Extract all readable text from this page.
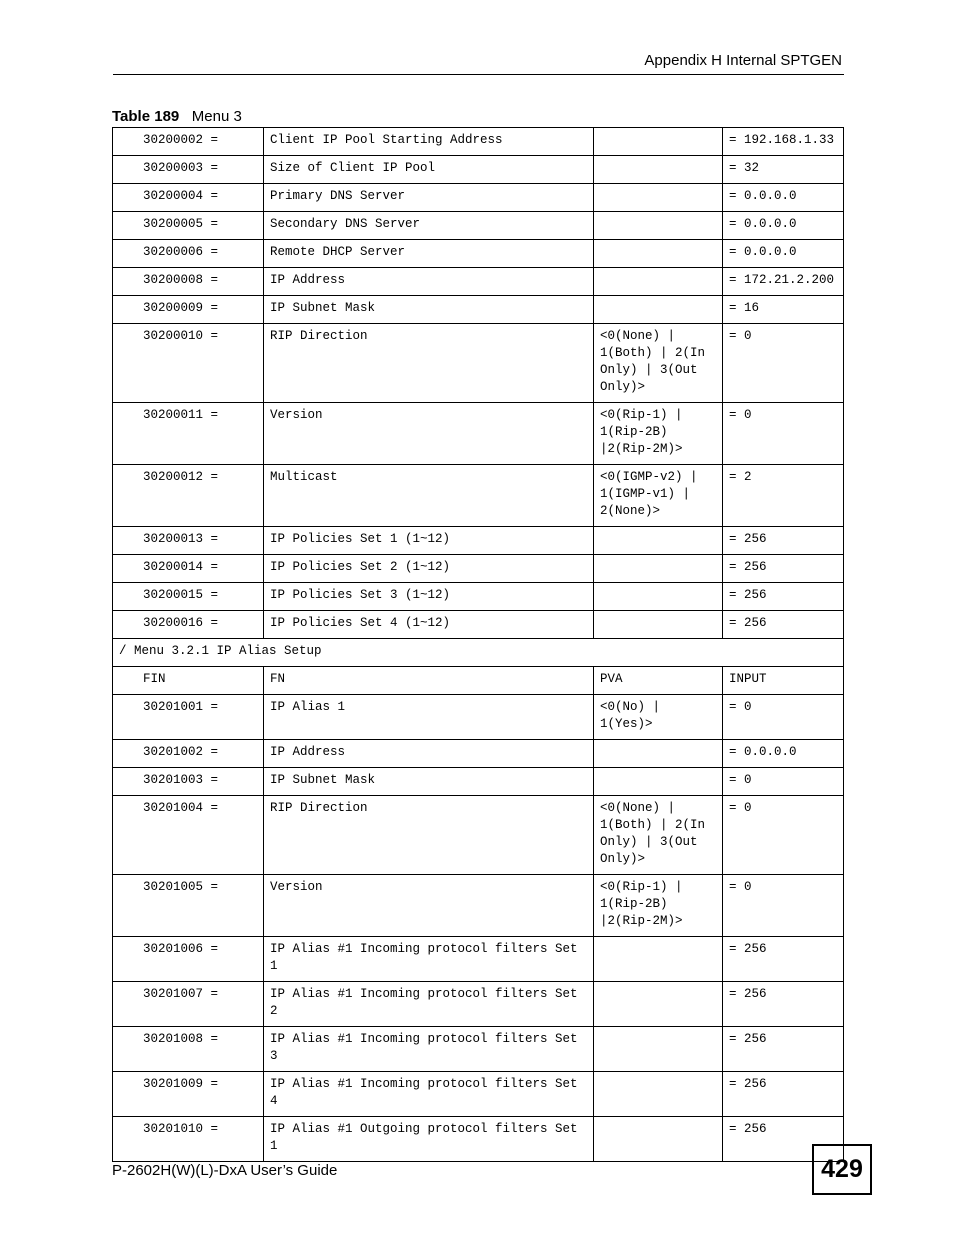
Appendix H Internal SPTGEN
Table 189 Menu 3
30200002 =	Client IP Pool Starting Address		= 192.168.1.33
30200003 =	Size of Client IP Pool		= 32
30200004 =	Primary DNS Server		= 0.0.0.0
30200005 =	Secondary DNS Server		= 0.0.0.0
30200006 =	Remote DHCP Server		= 0.0.0.0
30200008 =	IP Address		= 172.21.2.200
30200009 =	IP Subnet Mask		= 16
30200010 =	RIP Direction	<0(None) | 1(Both) | 2(In Only) | 3(Out Only)>	= 0
30200011 =	Version	<0(Rip-1) | 1(Rip-2B) |2(Rip-2M)>	= 0
30200012 =	Multicast	<0(IGMP-v2) | 1(IGMP-v1) | 2(None)>	= 2
30200013 =	IP Policies Set 1 (1~12)		= 256
30200014 =	IP Policies Set 2 (1~12)		= 256
30200015 =	IP Policies Set 3 (1~12)		= 256
30200016 =	IP Policies Set 4 (1~12)		= 256
/ Menu 3.2.1 IP Alias Setup			
FIN	FN	PVA	INPUT
30201001 =	IP Alias 1	<0(No) | 1(Yes)>	= 0
30201002 =	IP Address		= 0.0.0.0
30201003 =	IP Subnet Mask		= 0
30201004 =	RIP Direction	<0(None) | 1(Both) | 2(In Only) | 3(Out Only)>	= 0
30201005 =	Version	<0(Rip-1) | 1(Rip-2B) |2(Rip-2M)>	= 0
30201006 =	IP Alias #1 Incoming protocol filters Set 1		= 256
30201007 =	IP Alias #1 Incoming protocol filters Set 2		= 256
30201008 =	IP Alias #1 Incoming protocol filters Set 3		= 256
30201009 =	IP Alias #1 Incoming protocol filters Set 4		= 256
30201010 =	IP Alias #1 Outgoing protocol filters Set 1		= 256
P-2602H(W)(L)-DxA User’s Guide	429
